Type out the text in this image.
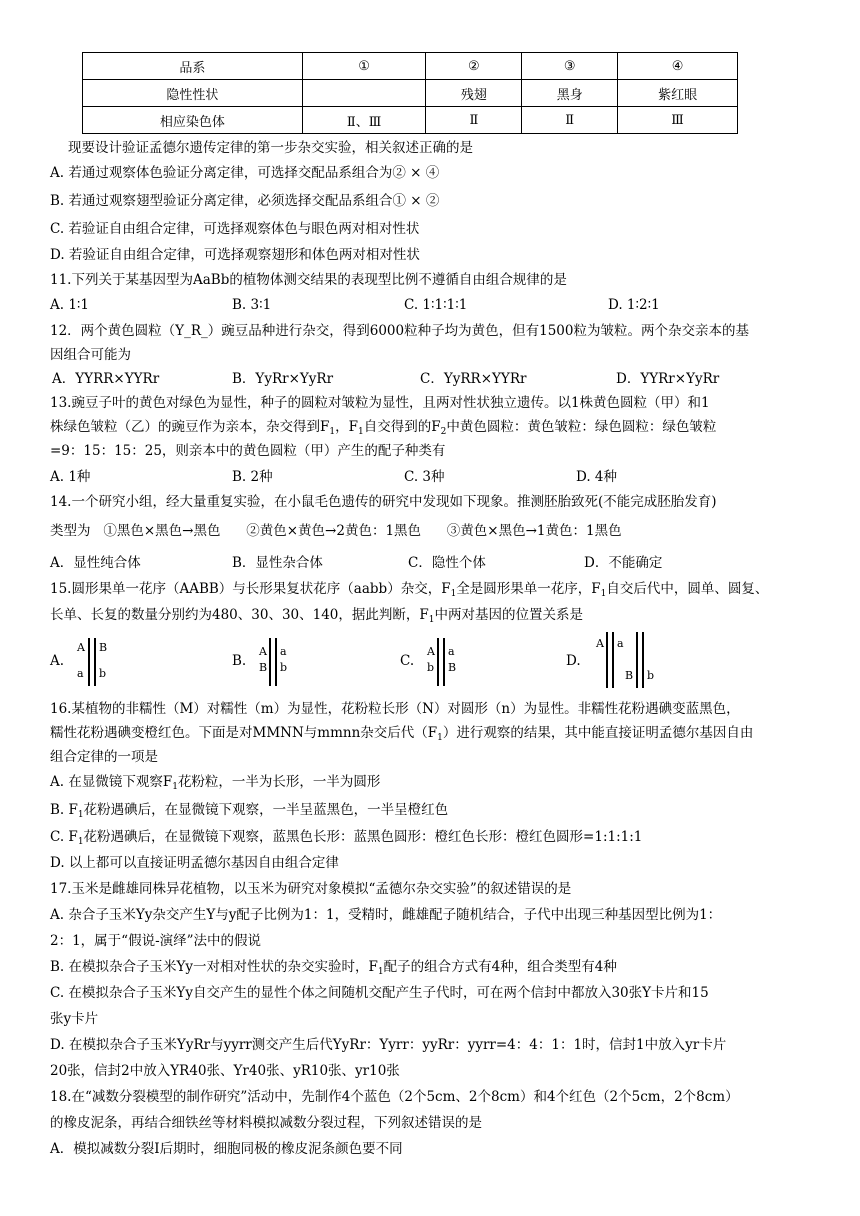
品系	①	②	③	④
隐性性状		残翅	黑身	紫红眼
相应染色体	Ⅱ、Ⅲ	Ⅱ	Ⅱ	Ⅲ
现要设计验证孟德尔遗传定律的第一步杂交实验，相关叙述正确的是
A. 若通过观察体色验证分离定律，可选择交配品系组合为② × ④
B. 若通过观察翅型验证分离定律，必须选择交配品系组合① × ②
C. 若验证自由组合定律，可选择观察体色与眼色两对相对性状
D. 若验证自由组合定律，可选择观察翅形和体色两对相对性状
11.下列关于某基因型为AaBb的植物体测交结果的表现型比例不遵循自由组合规律的是
A. 1∶1	B. 3∶1	C. 1∶1∶1∶1	D. 1∶2∶1
12．两个黄色圆粒（Y_R_）豌豆品种进行杂交，得到6000粒种子均为黄色，但有1500粒为皱粒。两个杂交亲本的基
因组合可能为
A．YYRR×YYRr	B．YyRr×YyRr	C．YyRR×YYRr	D．YYRr×YyRr
13.豌豆子叶的黄色对绿色为显性，种子的圆粒对皱粒为显性，且两对性状独立遗传。以1株黄色圆粒（甲）和1
株绿色皱粒（乙）的豌豆作为亲本，杂交得到$F_1$，$F_1$自交得到的$F_2$中黄色圆粒：黄色皱粒：绿色圆粒：绿色皱粒
=9：15：15：25，则亲本中的黄色圆粒（甲）产生的配子种类有
A. 1种	B. 2种	C. 3种	D. 4种
14.一个研究小组，经大量重复实验，在小鼠毛色遗传的研究中发现如下现象。推测胚胎致死(不能完成胚胎发育)
类型为   ①黑色×黑色→黑色      ②黄色×黄色→2黄色：1黑色      ③黄色×黑色→1黄色：1黑色
A．显性纯合体	B．显性杂合体	C．隐性个体	D．不能确定
15.圆形果单一花序（AABB）与长形果复状花序（aabb）杂交，$F_1$全是圆形果单一花序，$F_1$自交后代中，圆单、圆复、
长单、长复的数量分别约为480、30、30、140，据此判断，$F_1$中两对基因的位置关系是
A.	B.	C.	D.
A
a
B
b
A
B
a
b
A
b
a
B
A a
B b
16.某植物的非糯性（M）对糯性（m）为显性，花粉粒长形（N）对圆形（n）为显性。非糯性花粉遇碘变蓝黑色，
糯性花粉遇碘变橙红色。下面是对MMNN与mmnn杂交后代$(F_1)$进行观察的结果，其中能直接证明孟德尔基因自由
组合定律的一项是
A. 在显微镜下观察$F_1$花粉粒，一半为长形，一半为圆形
B. $F_1$花粉遇碘后，在显微镜下观察，一半呈蓝黑色，一半呈橙红色
C. $F_1$花粉遇碘后，在显微镜下观察，蓝黑色长形：蓝黑色圆形：橙红色长形：橙红色圆形=1:1:1:1
D. 以上都可以直接证明孟德尔基因自由组合定律
17.玉米是雌雄同株异花植物，以玉米为研究对象模拟“孟德尔杂交实验”的叙述错误的是
A. 杂合子玉米Yy杂交产生Y与y配子比例为1：1，受精时，雌雄配子随机结合，子代中出现三种基因型比例为1：
2：1，属于“假说-演绎”法中的假说
B. 在模拟杂合子玉米Yy一对相对性状的杂交实验时，$F_1$配子的组合方式有4种，组合类型有4种
C. 在模拟杂合子玉米Yy自交产生的显性个体之间随机交配产生子代时，可在两个信封中都放入30张Y卡片和15
张y卡片
D. 在模拟杂合子玉米YyRr与yyrr测交产生后代YyRr：Yyrr：yyRr：yyrr=4：4：1：1时，信封1中放入yr卡片
20张，信封2中放入YR40张、Yr40张、yR10张、yr10张
18.在“减数分裂模型的制作研究”活动中，先制作4个蓝色（2个5cm、2个8cm）和4个红色（2个5cm，2个8cm）
的橡皮泥条，再结合细铁丝等材料模拟减数分裂过程，下列叙述错误的是
A．模拟减数分裂Ⅰ后期时，细胞同极的橡皮泥条颜色要不同
